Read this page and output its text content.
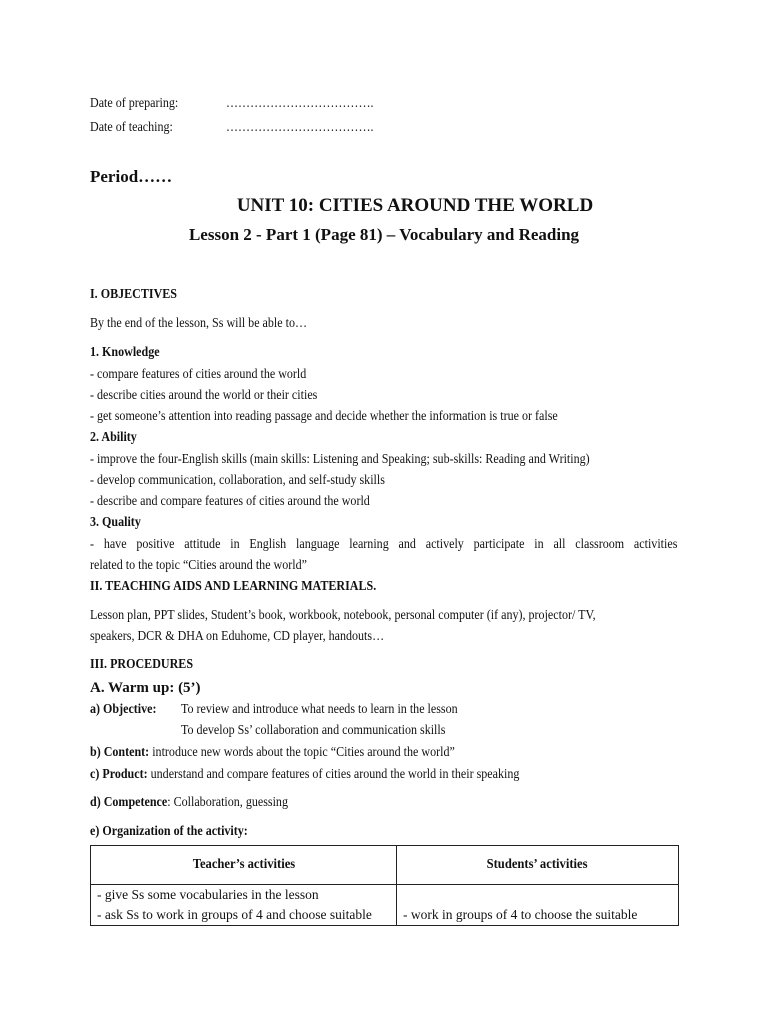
Date of preparing:	……………………………….
Date of teaching:	……………………………….
Period……
UNIT 10: CITIES AROUND THE WORLD
Lesson 2 - Part 1 (Page 81) – Vocabulary and Reading
I. OBJECTIVES
By the end of the lesson, Ss will be able to…
1. Knowledge
- compare features of cities around the world
- describe cities around the world or their cities
- get someone’s attention into reading passage and decide whether the information is true or false
2. Ability
- improve the four-English skills (main skills: Listening and Speaking; sub-skills: Reading and Writing)
- develop communication, collaboration, and self-study skills
- describe and compare features of cities around the world
3. Quality
- have positive attitude in English language learning and actively participate in all classroom activities
related to the topic “Cities around the world”
II. TEACHING AIDS AND LEARNING MATERIALS.
Lesson plan, PPT slides, Student’s book, workbook, notebook, personal computer (if any), projector/ TV,
speakers, DCR & DHA on Eduhome, CD player, handouts…
III. PROCEDURES
A. Warm up: (5’)
a) Objective: To review and introduce what needs to learn in the lesson
To develop Ss’ collaboration and communication skills
b) Content: introduce new words about the topic “Cities around the world”
c) Product: understand and compare features of cities around the world in their speaking
d) Competence: Collaboration, guessing
e) Organization of the activity:
Teacher’s activities	Students’ activities

- give Ss some vocabularies in the lesson
- ask Ss to work in groups of 4 and choose suitable	- work in groups of 4 to choose the suitable
